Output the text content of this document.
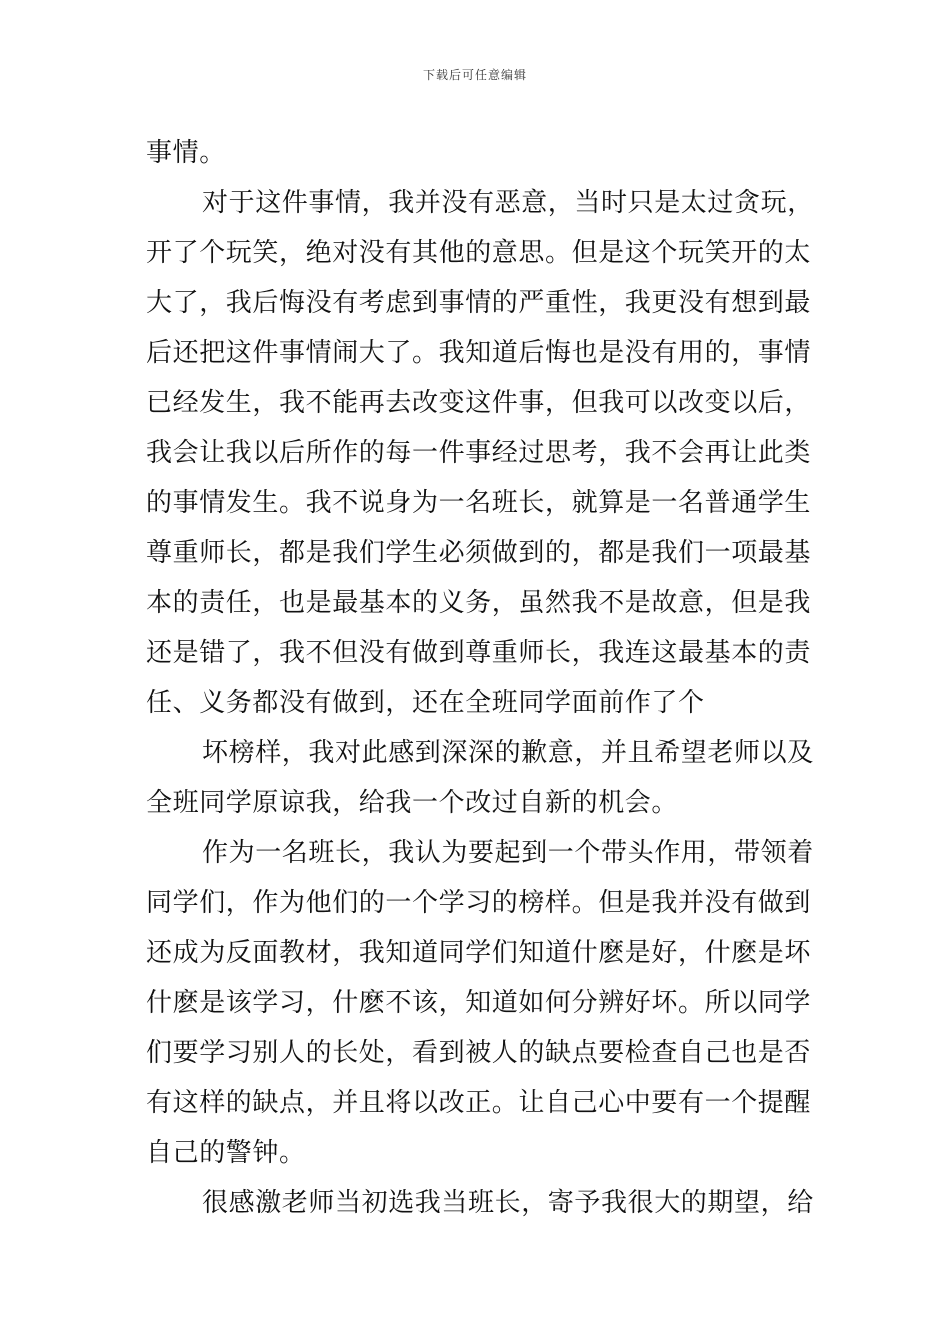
下载后可任意编辑
事情。
对于这件事情，我并没有恶意，当时只是太过贪玩，
开了个玩笑，绝对没有其他的意思。但是这个玩笑开的太
大了，我后悔没有考虑到事情的严重性，我更没有想到最
后还把这件事情闹大了。我知道后悔也是没有用的，事情
已经发生，我不能再去改变这件事，但我可以改变以后，
我会让我以后所作的每一件事经过思考，我不会再让此类
的事情发生。我不说身为一名班长，就算是一名普通学生
尊重师长，都是我们学生必须做到的，都是我们一项最基
本的责任，也是最基本的义务，虽然我不是故意，但是我
还是错了，我不但没有做到尊重师长，我连这最基本的责
任、义务都没有做到，还在全班同学面前作了个
坏榜样，我对此感到深深的歉意，并且希望老师以及
全班同学原谅我，给我一个改过自新的机会。
作为一名班长，我认为要起到一个带头作用，带领着
同学们，作为他们的一个学习的榜样。但是我并没有做到
还成为反面教材，我知道同学们知道什麽是好，什麽是坏
什麽是该学习，什麽不该，知道如何分辨好坏。所以同学
们要学习别人的长处，看到被人的缺点要检查自己也是否
有这样的缺点，并且将以改正。让自己心中要有一个提醒
自己的警钟。
很感激老师当初选我当班长，寄予我很大的期望，给
